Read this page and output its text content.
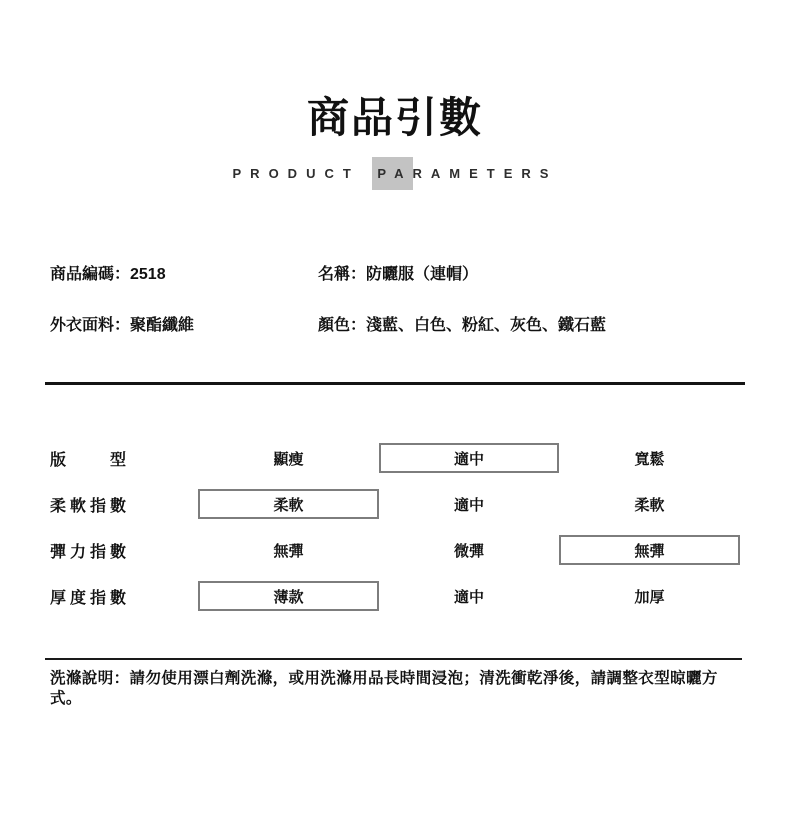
商品引數
PRODUCT PARAMETERS
商品編碼：2518	名稱：防曬服（連帽）
外衣面料：聚酯纖維	顏色：淺藍、白色、粉紅、灰色、鐵石藍
版型	顯瘦	適中	寬鬆
柔軟指數	柔軟	適中	柔軟
彈力指數	無彈	微彈	無彈
厚度指數	薄款	適中	加厚

洗滌說明：請勿使用漂白劑洗滌，或用洗滌用品長時間浸泡；清洗衝乾淨後，請調整衣型晾曬方式。
